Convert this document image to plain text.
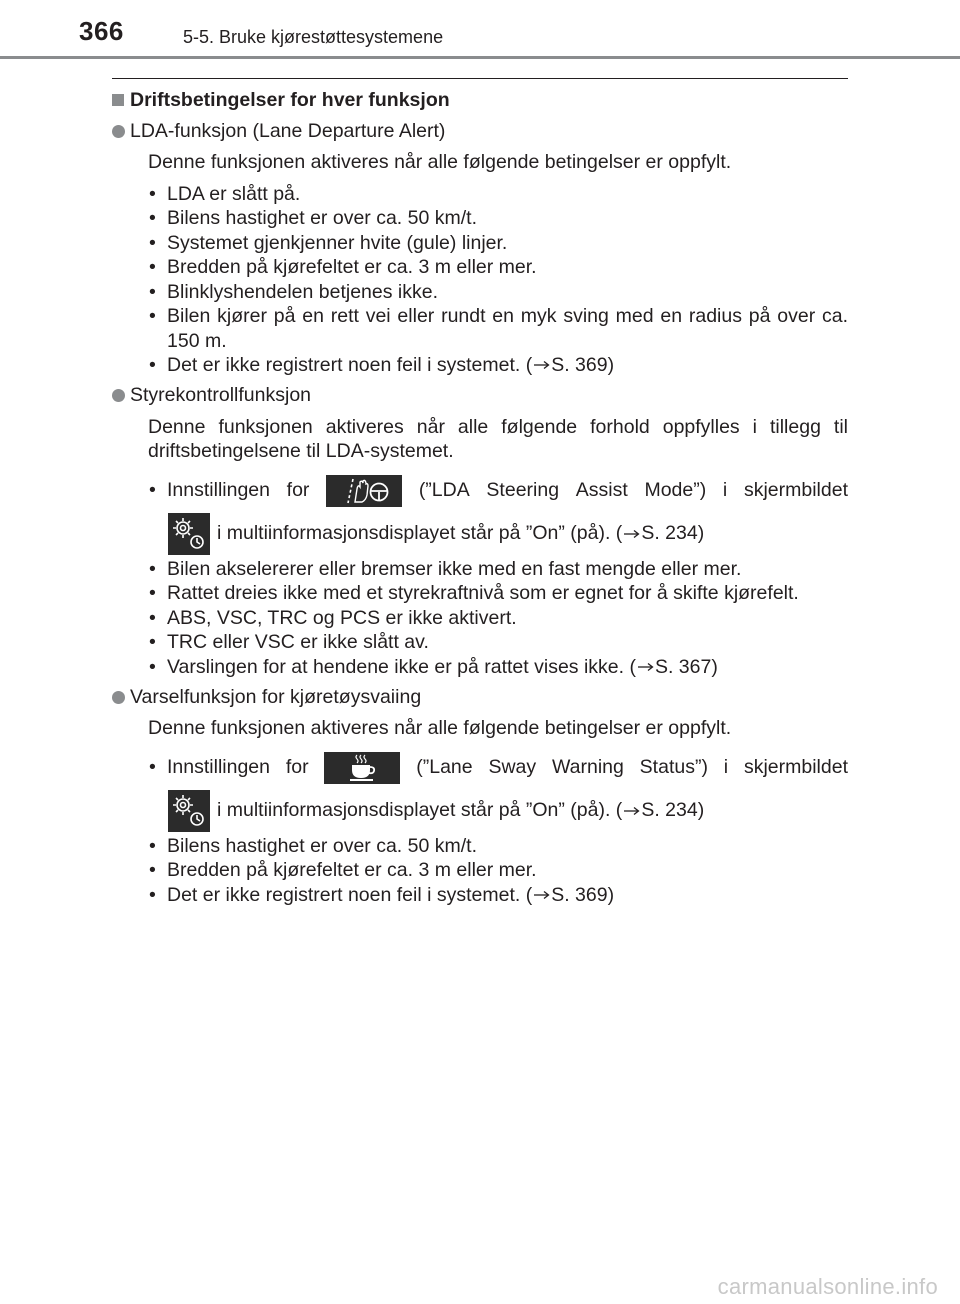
366	5-5. Bruke kjørestøttesystemene
Driftsbetingelser for hver funksjon
LDA-funksjon (Lane Departure Alert)
Denne funksjonen aktiveres når alle følgende betingelser er oppfylt.
• LDA er slått på.
• Bilens hastighet er over ca. 50 km/t.
• Systemet gjenkjenner hvite (gule) linjer.
• Bredden på kjørefeltet er ca. 3 m eller mer.
• Blinklyshendelen betjenes ikke.
• Bilen kjører på en rett vei eller rundt en myk sving med en radius på over ca. 150 m.
• Det er ikke registrert noen feil i systemet. ( S. 369)
Styrekontrollfunksjon
Denne funksjonen aktiveres når alle følgende forhold oppfylles i tillegg til driftsbetingelsene til LDA-systemet.
• Innstillingen for	(”LDA Steering Assist Mode”) i skjermbildet
i multiinformasjonsdisplayet står på ”On” (på). ( S. 234)
• Bilen akselererer eller bremser ikke med en fast mengde eller mer.
• Rattet dreies ikke med et styrekraftnivå som er egnet for å skifte kjørefelt.
• ABS, VSC, TRC og PCS er ikke aktivert.
• TRC eller VSC er ikke slått av.
• Varslingen for at hendene ikke er på rattet vises ikke. ( S. 367)
Varselfunksjon for kjøretøysvaiing
Denne funksjonen aktiveres når alle følgende betingelser er oppfylt.
• Innstillingen for	(”Lane Sway Warning Status”) i skjermbildet
i multiinformasjonsdisplayet står på ”On” (på). ( S. 234)
• Bilens hastighet er over ca. 50 km/t.
• Bredden på kjørefeltet er ca. 3 m eller mer.
• Det er ikke registrert noen feil i systemet. ( S. 369)
carmanualsonline.info
